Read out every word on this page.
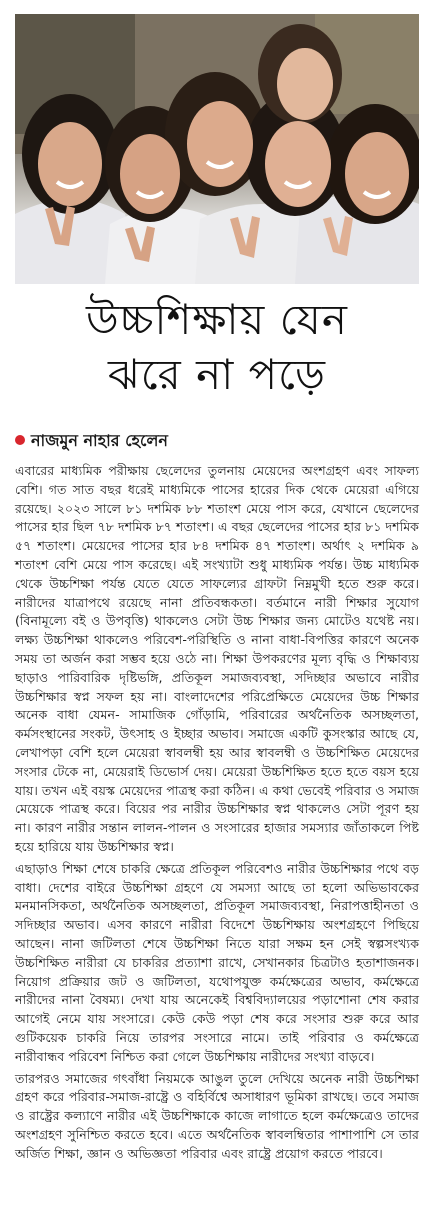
উচ্চশিক্ষায় যেন
ঝরে না পড়ে
নাজমুন নাহার হেলেন

এবারের মাধ্যমিক পরীক্ষায় ছেলেদের তুলনায় মেয়েদের অংশগ্রহণ এবং সাফল্য বেশি। গত সাত বছর ধরেই মাধ্যমিকে পাসের হারের দিক থেকে মেয়েরা এগিয়ে রয়েছে। ২০২৩ সালে ৮১ দশমিক ৮৮ শতাংশ মেয়ে পাস করে, যেখানে ছেলেদের পাসের হার ছিল ৭৮ দশমিক ৮৭ শতাংশ। এ বছর ছেলেদের পাসের হার ৮১ দশমিক ৫৭ শতাংশ। মেয়েদের পাসের হার ৮৪ দশমিক ৪৭ শতাংশ। অর্থাৎ ২ দশমিক ৯ শতাংশ বেশি মেয়ে পাস করেছে। এই সংখ্যাটা শুধু মাধ্যমিক পর্যন্ত। উচ্চ মাধ্যমিক থেকে উচ্চশিক্ষা পর্যন্ত যেতে যেতে সাফল্যের গ্রাফটা নিম্নমুখী হতে শুরু করে। নারীদের যাত্রাপথে রয়েছে নানা প্রতিবন্ধকতা। বর্তমানে নারী শিক্ষার সুযোগ (বিনামূল্যে বই ও উপবৃত্তি) থাকলেও সেটা উচ্চ শিক্ষার জন্য মোটেও যথেষ্ট নয়। লক্ষ্য উচ্চশিক্ষা থাকলেও পরিবেশ-পরিস্থিতি ও নানা বাধা-বিপত্তির কারণে অনেক সময় তা অর্জন করা সম্ভব হয়ে ওঠে না। শিক্ষা উপকরণের মূল্য বৃদ্ধি ও শিক্ষাব্যয় ছাড়াও পারিবারিক দৃষ্টিভঙ্গি, প্রতিকূল সমাজব্যবস্থা, সদিচ্ছার অভাবে নারীর উচ্চশিক্ষার স্বপ্ন সফল হয় না। বাংলাদেশের পরিপ্রেক্ষিতে মেয়েদের উচ্চ শিক্ষার অনেক বাধা যেমন- সামাজিক গোঁড়ামি, পরিবারের অর্থনৈতিক অসচ্ছলতা, কর্মসংস্থানের সংকট, উৎসাহ ও ইচ্ছার অভাব। সমাজে একটি কুসংস্কার আছে যে, লেখাপড়া বেশি হলে মেয়েরা স্বাবলম্বী হয় আর স্বাবলম্বী ও উচ্চশিক্ষিত মেয়েদের সংসার টেকে না, মেয়েরাই ডিভোর্স দেয়। মেয়েরা উচ্চশিক্ষিত হতে হতে বয়স হয়ে যায়। তখন এই বয়স্ক মেয়েদের পাত্রস্থ করা কঠিন। এ কথা ভেবেই পরিবার ও সমাজ মেয়েকে পাত্রস্থ করে। বিয়ের পর নারীর উচ্চশিক্ষার স্বপ্ন থাকলেও সেটা পূরণ হয় না। কারণ নারীর সন্তান লালন-পালন ও সংসারের হাজার সমস্যার জাঁতাকলে পিষ্ট হয়ে হারিয়ে যায় উচ্চশিক্ষার স্বপ্ন।

এছাড়াও শিক্ষা শেষে চাকরি ক্ষেত্রে প্রতিকূল পরিবেশও নারীর উচ্চশিক্ষার পথে বড় বাধা। দেশের বাইরে উচ্চশিক্ষা গ্রহণে যে সমস্যা আছে তা হলো অভিভাবকের মনমানসিকতা, অর্থনৈতিক অসচ্ছলতা, প্রতিকূল সমাজব্যবস্থা, নিরাপত্তাহীনতা ও সদিচ্ছার অভাব। এসব কারণে নারীরা বিদেশে উচ্চশিক্ষায় অংশগ্রহণে পিছিয়ে আছেন। নানা জটিলতা শেষে উচ্চশিক্ষা নিতে যারা সক্ষম হন সেই স্বল্পসংখ্যক উচ্চশিক্ষিত নারীরা যে চাকরির প্রত্যাশা রাখে, সেখানকার চিত্রটাও হতাশাজনক। নিয়োগ প্রক্রিয়ার জট ও জটিলতা, যথোপযুক্ত কর্মক্ষেত্রের অভাব, কর্মক্ষেত্রে নারীদের নানা বৈষম্য। দেখা যায় অনেকেই বিশ্ববিদ্যালয়ের পড়াশোনা শেষ করার আগেই নেমে যায় সংসারে। কেউ কেউ পড়া শেষ করে সংসার শুরু করে আর গুটিকয়েক চাকরি নিয়ে তারপর সংসারে নামে। তাই পরিবার ও কর্মক্ষেত্রে নারীবান্ধব পরিবেশ নিশ্চিত করা গেলে উচ্চশিক্ষায় নারীদের সংখ্যা বাড়বে।

তারপরও সমাজের গৎবাঁধা নিয়মকে আঙুল তুলে দেখিয়ে অনেক নারী উচ্চশিক্ষা গ্রহণ করে পরিবার-সমাজ-রাষ্ট্রে ও বহির্বিশ্বে অসাধারণ ভূমিকা রাখছে। তবে সমাজ ও রাষ্ট্রের কল্যাণে নারীর এই উচ্চশিক্ষাকে কাজে লাগাতে হলে কর্মক্ষেত্রেও তাদের অংশগ্রহণ সুনিশ্চিত করতে হবে। এতে অর্থনৈতিক স্বাবলম্বিতার পাশাপাশি সে তার অর্জিত শিক্ষা, জ্ঞান ও অভিজ্ঞতা পরিবার এবং রাষ্ট্রে প্রয়োগ করতে পারবে।
